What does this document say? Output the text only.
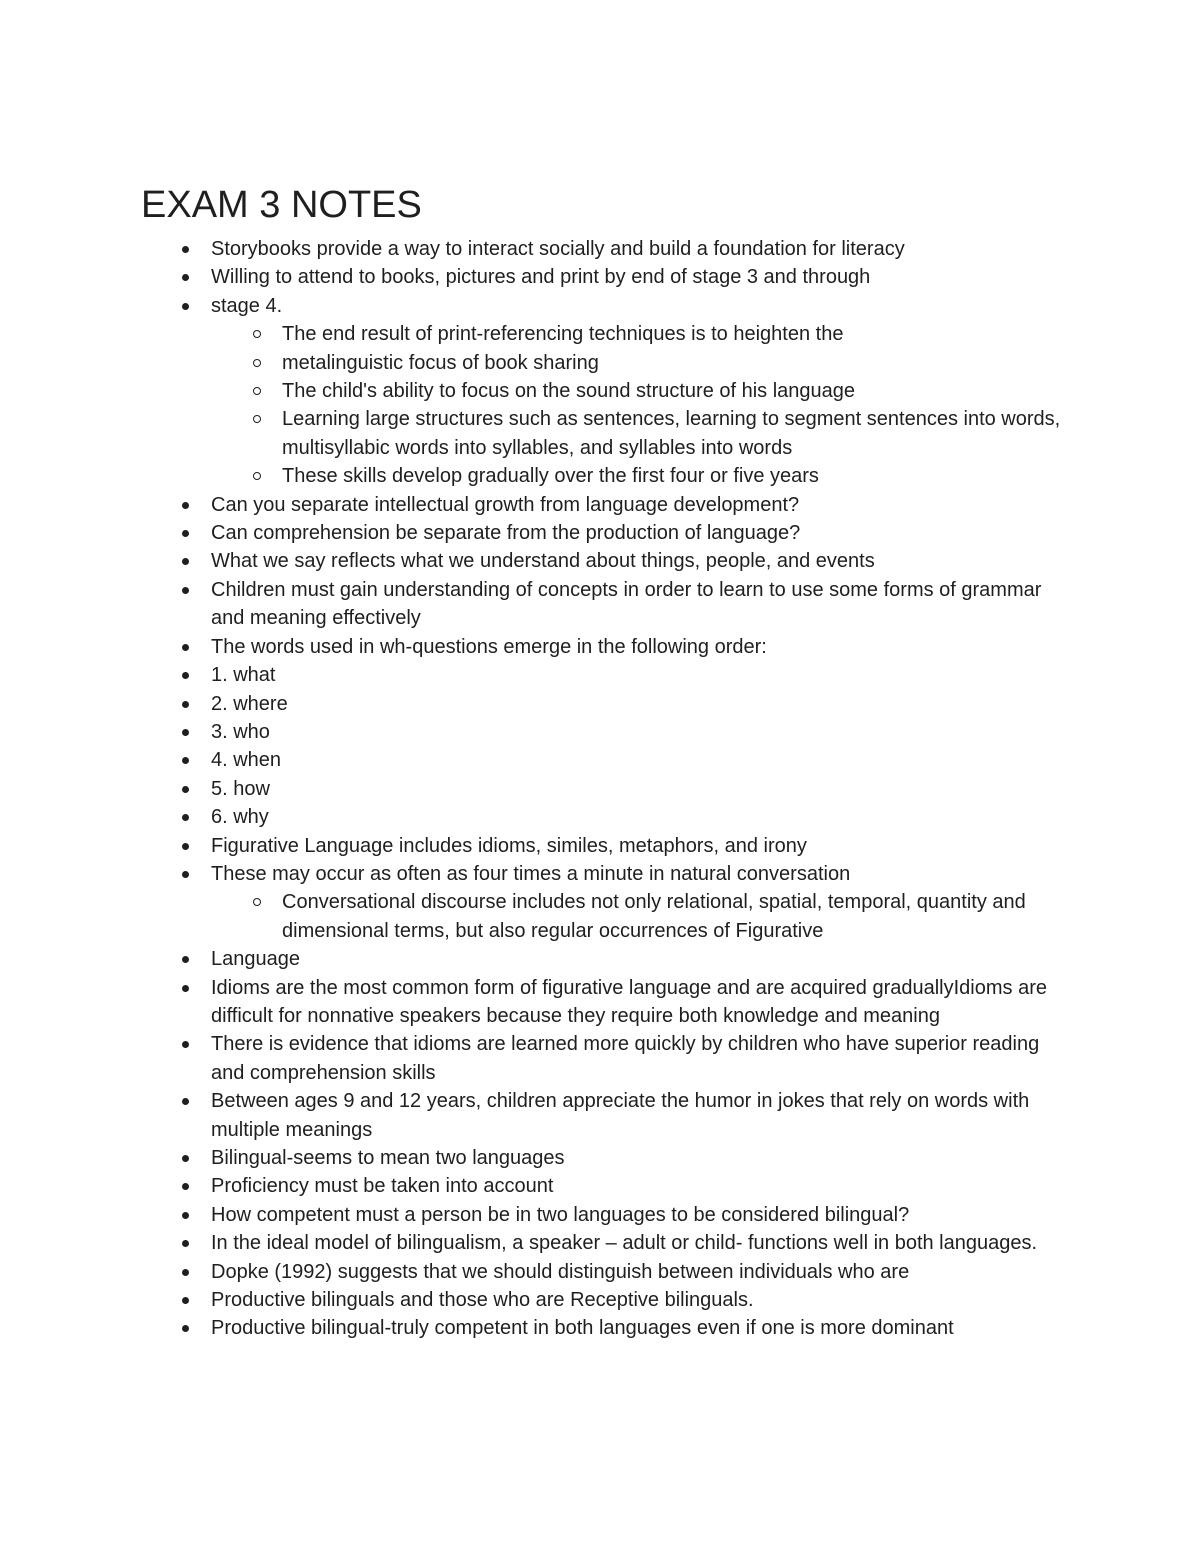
EXAM 3 NOTES
Storybooks provide a way to interact socially and build a foundation for literacy
Willing to attend to books, pictures and print by end of stage 3 and through
stage 4.
The end result of print-referencing techniques is to heighten the
metalinguistic focus of book sharing
The child's ability to focus on the sound structure of his language
Learning large structures such as sentences, learning to segment sentences into words, multisyllabic words into syllables, and syllables into words
These skills develop gradually over the first four or five years
Can you separate intellectual growth from language development?
Can comprehension be separate from the production of language?
What we say reflects what we understand about things, people, and events
Children must gain understanding of concepts in order to learn to use some forms of grammar and meaning effectively
The words used in wh-questions emerge in the following order:
1. what
2. where
3. who
4. when
5. how
6. why
Figurative Language includes idioms, similes, metaphors, and irony
These may occur as often as four times a minute in natural conversation
Conversational discourse includes not only relational, spatial, temporal, quantity and dimensional terms, but also regular occurrences of Figurative
Language
Idioms are the most common form of figurative language and are acquired graduallyIdioms are difficult for nonnative speakers because they require both knowledge and meaning
There is evidence that idioms are learned more quickly by children who have superior reading and comprehension skills
Between ages 9 and 12 years, children appreciate the humor in jokes that rely on words with multiple meanings
Bilingual-seems to mean two languages
Proficiency must be taken into account
How competent must a person be in two languages to be considered bilingual?
In the ideal model of bilingualism, a speaker – adult or child- functions well in both languages.
Dopke (1992) suggests that we should distinguish between individuals who are
Productive bilinguals and those who are Receptive bilinguals.
Productive bilingual-truly competent in both languages even if one is more dominant
